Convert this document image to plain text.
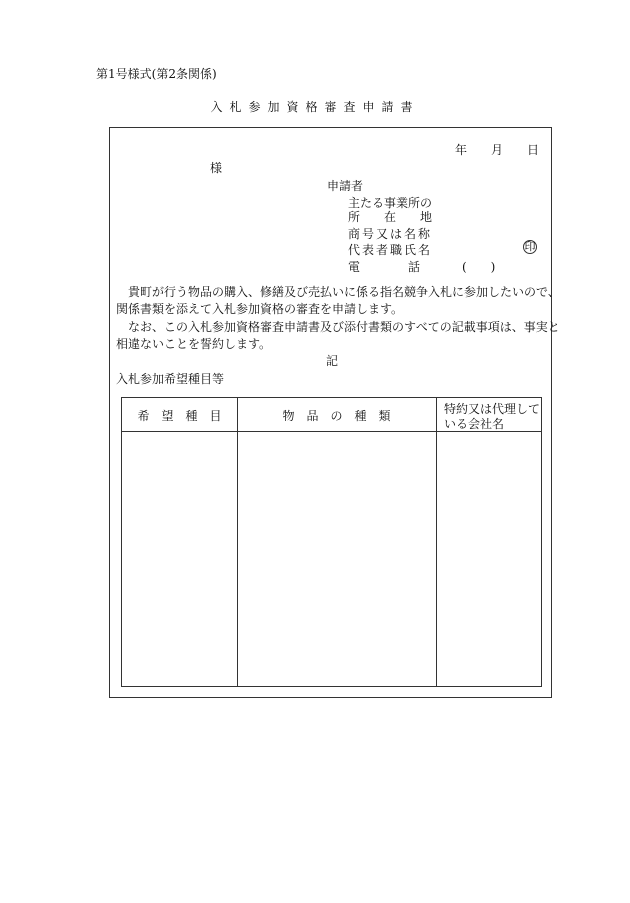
第1号様式(第2条関係)
入札参加資格審査申請書
年 月 日
様
申請者
主たる事業所の
所　　在　　地
商号又は名称
代表者職氏名	印
電　　　　話	(　　)
貴町が行う物品の購入、修繕及び売払いに係る指名競争入札に参加したいので、
関係書類を添えて入札参加資格の審査を申請します。
なお、この入札参加資格審査申請書及び添付書類のすべての記載事項は、事実と
相違ないことを誓約します。
記
入札参加希望種目等
希　望　種　目	物　品　の　種　類	特約又は代理して
いる会社名
